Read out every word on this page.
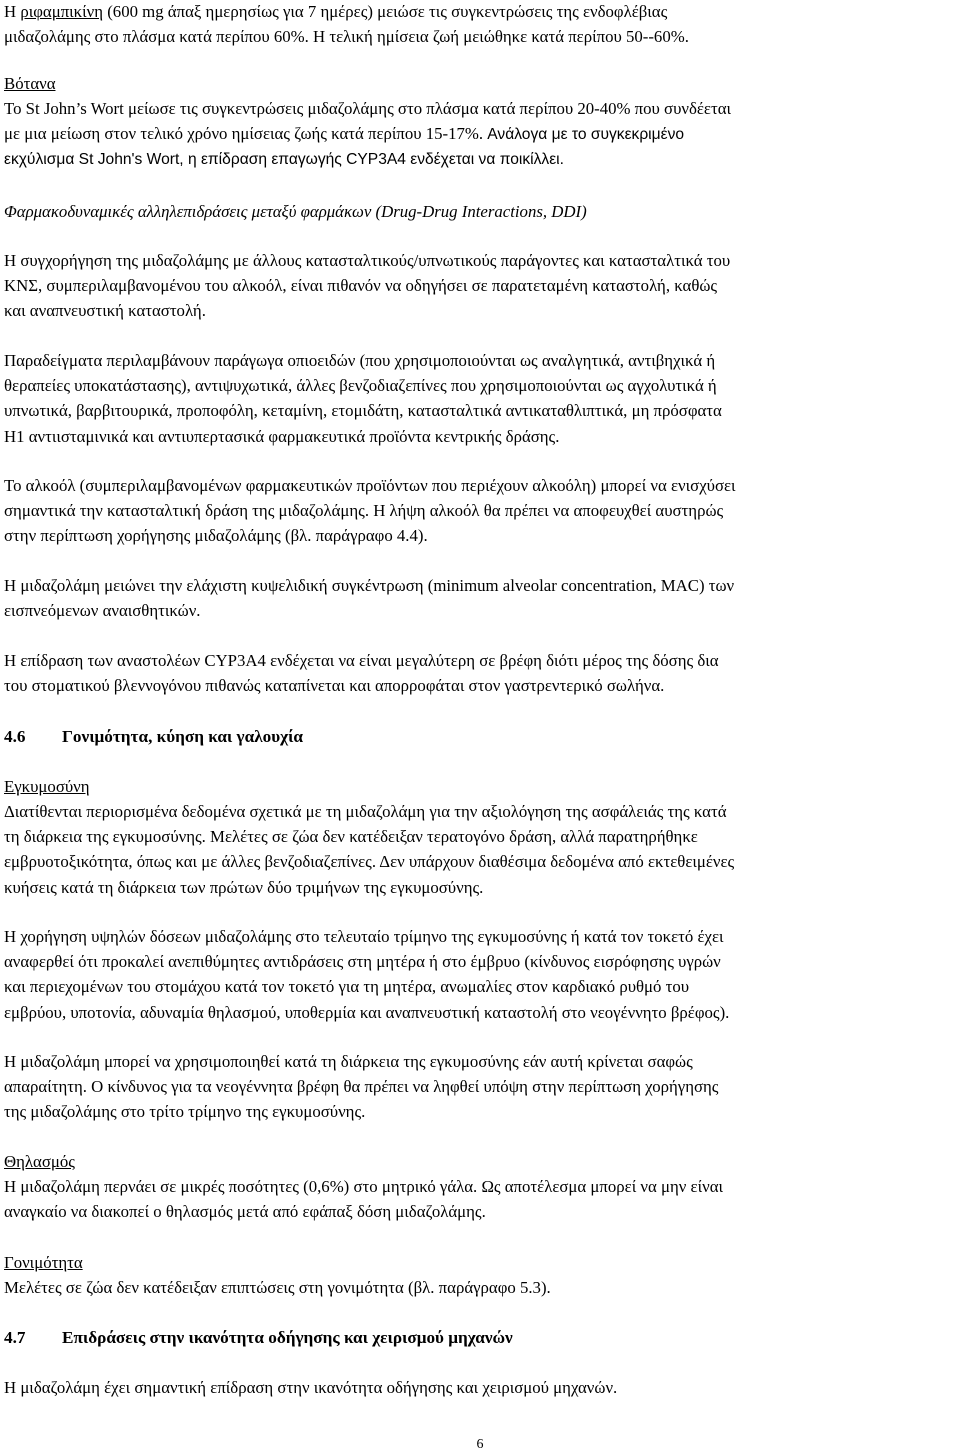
Η ριφαμπικίνη (600 mg άπαξ ημερησίως για 7 ημέρες) μειώσε τις συγκεντρώσεις της ενδοφλέβιας
μιδαζολάμης στο πλάσμα κατά περίπου 60%. Η τελική ημίσεια ζωή μειώθηκε κατά περίπου 50--60%.

Βότανα

Το St John’s Wort μείωσε τις συγκεντρώσεις μιδαζολάμης στο πλάσμα κατά περίπου 20-40% που συνδέεται
με μια μείωση στον τελικό χρόνο ημίσειας ζωής κατά περίπου 15-17%. Ανάλογα με το συγκεκριμένο
εκχύλισμα St John's Wort, η επίδραση επαγωγής CYP3A4 ενδέχεται να ποικίλλει.

Φαρμακοδυναμικές αλληλεπιδράσεις μεταξύ φαρμάκων (Drug-Drug Interactions, DDI)

Η συγχορήγηση της μιδαζολάμης με άλλους κατασταλτικούς/υπνωτικούς παράγοντες και κατασταλτικά του
ΚΝΣ, συμπεριλαμβανομένου του αλκοόλ, είναι πιθανόν να οδηγήσει σε παρατεταμένη καταστολή, καθώς
και αναπνευστική καταστολή.

Παραδείγματα περιλαμβάνουν παράγωγα οπιοειδών (που χρησιμοποιούνται ως αναλγητικά, αντιβηχικά ή
θεραπείες υποκατάστασης), αντιψυχωτικά, άλλες βενζοδιαζεπίνες που χρησιμοποιούνται ως αγχολυτικά ή
υπνωτικά, βαρβιτουρικά, προποφόλη, κεταμίνη, ετομιδάτη, κατασταλτικά αντικαταθλιπτικά, μη πρόσφατα
H1 αντιισταμινικά και αντιυπερτασικά φαρμακευτικά προϊόντα κεντρικής δράσης.

Το αλκοόλ (συμπεριλαμβανομένων φαρμακευτικών προϊόντων που περιέχουν αλκοόλη) μπορεί να ενισχύσει
σημαντικά την κατασταλτική δράση της μιδαζολάμης. Η λήψη αλκοόλ θα πρέπει να αποφευχθεί αυστηρώς
στην περίπτωση χορήγησης μιδαζολάμης (βλ. παράγραφο 4.4).

Η μιδαζολάμη μειώνει την ελάχιστη κυψελιδική συγκέντρωση (minimum alveolar concentration, MAC) των
εισπνεόμενων αναισθητικών.

Η επίδραση των αναστολέων CYP3A4 ενδέχεται να είναι μεγαλύτερη σε βρέφη διότι μέρος της δόσης δια
του στοματικού βλεννογόνου πιθανώς καταπίνεται και απορροφάται στον γαστρεντερικό σωλήνα.

4.6 Γονιμότητα, κύηση και γαλουχία

Εγκυμοσύνη

Διατίθενται περιορισμένα δεδομένα σχετικά με τη μιδαζολάμη για την αξιολόγηση της ασφάλειάς της κατά
τη διάρκεια της εγκυμοσύνης. Μελέτες σε ζώα δεν κατέδειξαν τερατογόνο δράση, αλλά παρατηρήθηκε
εμβρυοτοξικότητα, όπως και με άλλες βενζοδιαζεπίνες. Δεν υπάρχουν διαθέσιμα δεδομένα από εκτεθειμένες
κυήσεις κατά τη διάρκεια των πρώτων δύο τριμήνων της εγκυμοσύνης.

Η χορήγηση υψηλών δόσεων μιδαζολάμης στο τελευταίο τρίμηνο της εγκυμοσύνης ή κατά τον τοκετό έχει
αναφερθεί ότι προκαλεί ανεπιθύμητες αντιδράσεις στη μητέρα ή στο έμβρυο (κίνδυνος εισρόφησης υγρών
και περιεχομένων του στομάχου κατά τον τοκετό για τη μητέρα, ανωμαλίες στον καρδιακό ρυθμό του
εμβρύου, υποτονία, αδυναμία θηλασμού, υποθερμία και αναπνευστική καταστολή στο νεογέννητο βρέφος).

Η μιδαζολάμη μπορεί να χρησιμοποιηθεί κατά τη διάρκεια της εγκυμοσύνης εάν αυτή κρίνεται σαφώς
απαραίτητη. Ο κίνδυνος για τα νεογέννητα βρέφη θα πρέπει να ληφθεί υπόψη στην περίπτωση χορήγησης
της μιδαζολάμης στο τρίτο τρίμηνο της εγκυμοσύνης.

Θηλασμός
Η μιδαζολάμη περνάει σε μικρές ποσότητες (0,6%) στο μητρικό γάλα. Ως αποτέλεσμα μπορεί να μην είναι
αναγκαίο να διακοπεί ο θηλασμός μετά από εφάπαξ δόση μιδαζολάμης.

Γονιμότητα
Μελέτες σε ζώα δεν κατέδειξαν επιπτώσεις στη γονιμότητα (βλ. παράγραφο 5.3).

4.7 Επιδράσεις στην ικανότητα οδήγησης και χειρισμού μηχανών

Η μιδαζολάμη έχει σημαντική επίδραση στην ικανότητα οδήγησης και χειρισμού μηχανών.

6
